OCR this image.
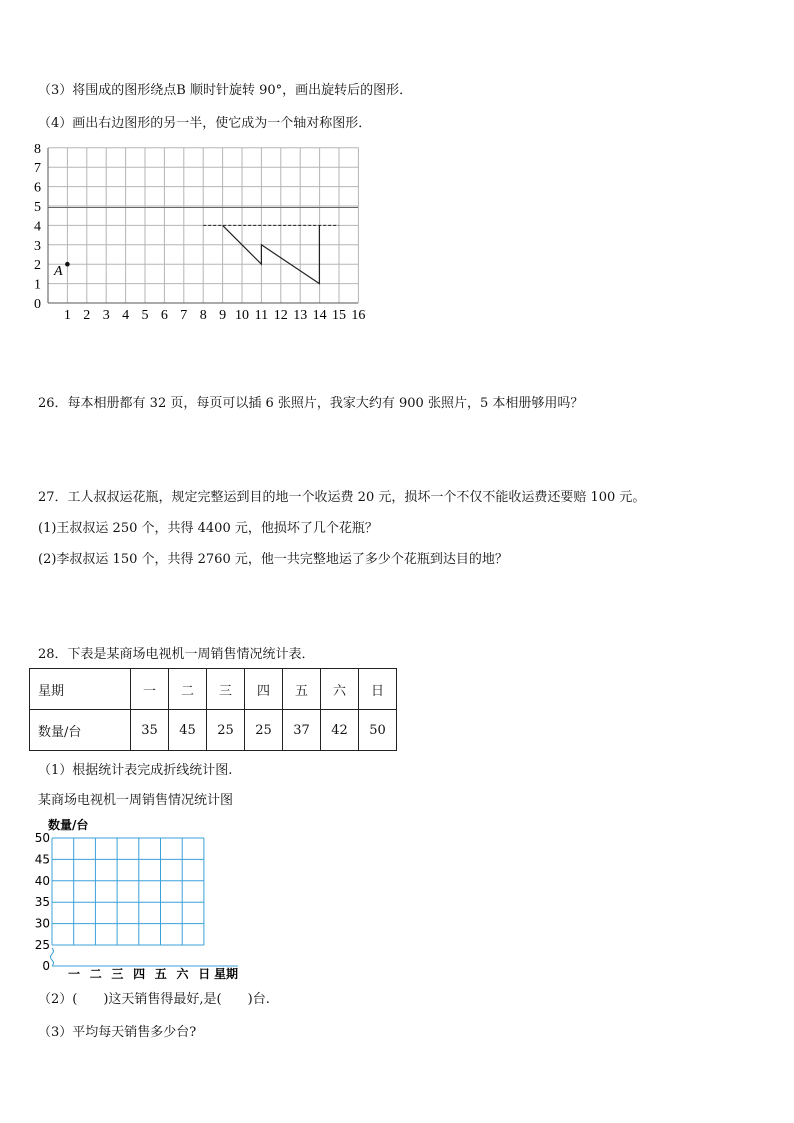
（3）将围成的图形绕点B 顺时针旋转 90°，画出旋转后的图形．
（4）画出右边图形的另一半，使它成为一个轴对称图形．
1 2 3 4 5 6 7 8 9 10 11 12 13 14 15 16
0
1
2
3
4
5
6
7
8
A
26．每本相册都有 32 页，每页可以插 6 张照片，我家大约有 900 张照片，5 本相册够用吗？
27．工人叔叔运花瓶，规定完整运到目的地一个收运费 20 元，损坏一个不仅不能收运费还要赔 100 元。
(1)王叔叔运 250 个，共得 4400 元，他损坏了几个花瓶？
(2)李叔叔运 150 个，共得 2760 元，他一共完整地运了多少个花瓶到达目的地？
28．下表是某商场电视机一周销售情况统计表．
星期	一	二	三	四	五	六	日
数量/台	35	45	25	25	37	42	50
（1）根据统计表完成折线统计图.
某商场电视机一周销售情况统计图
数量/台
0
25
30
35
40
45
50
一 二 三 四 五 六 日 星期
（2）(　　)这天销售得最好,是(　　)台.
（3）平均每天销售多少台?
